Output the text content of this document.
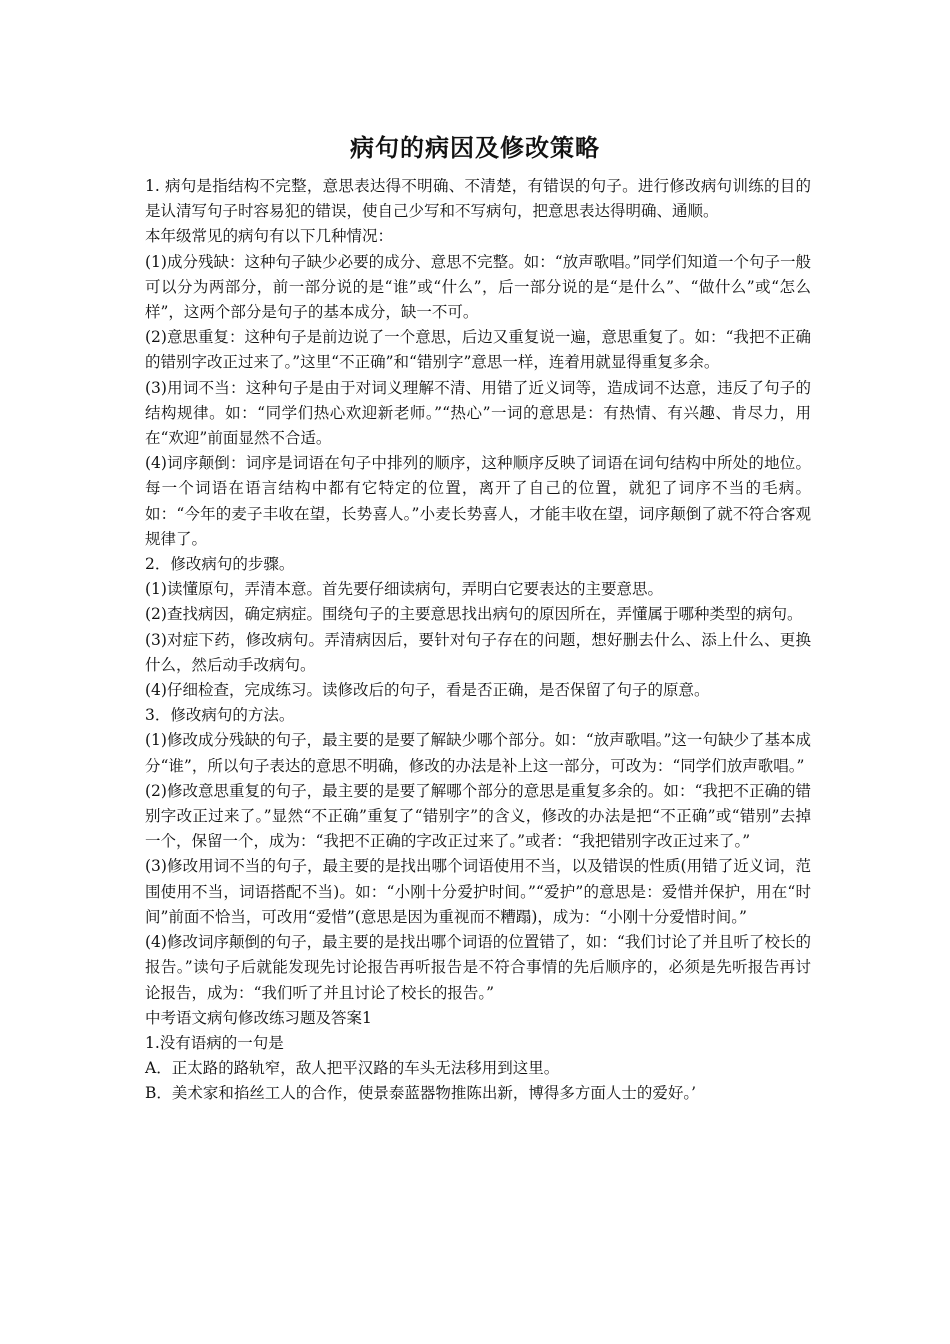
病句的病因及修改策略

1. 病句是指结构不完整，意思表达得不明确、不清楚，有错误的句子。进行修改病句训练的目的是认清写句子时容易犯的错误，使自己少写和不写病句，把意思表达得明确、通顺。

本年级常见的病句有以下几种情况：

(1)成分残缺：这种句子缺少必要的成分、意思不完整。如：“放声歌唱。”同学们知道一个句子一般可以分为两部分，前一部分说的是“谁”或“什么”，后一部分说的是“是什么”、“做什么”或“怎么样”，这两个部分是句子的基本成分，缺一不可。

(2)意思重复：这种句子是前边说了一个意思，后边又重复说一遍，意思重复了。如：“我把不正确的错别字改正过来了。”这里“不正确”和“错别字”意思一样，连着用就显得重复多余。

(3)用词不当：这种句子是由于对词义理解不清、用错了近义词等，造成词不达意，违反了句子的结构规律。如：“同学们热心欢迎新老师。”“热心”一词的意思是：有热情、有兴趣、肯尽力，用在“欢迎”前面显然不合适。

(4)词序颠倒：词序是词语在句子中排列的顺序，这种顺序反映了词语在词句结构中所处的地位。每一个词语在语言结构中都有它特定的位置，离开了自己的位置，就犯了词序不当的毛病。如：“今年的麦子丰收在望，长势喜人。”小麦长势喜人，才能丰收在望，词序颠倒了就不符合客观规律了。

2．修改病句的步骤。

(1)读懂原句，弄清本意。首先要仔细读病句，弄明白它要表达的主要意思。

(2)查找病因，确定病症。围绕句子的主要意思找出病句的原因所在，弄懂属于哪种类型的病句。

(3)对症下药，修改病句。弄清病因后，要针对句子存在的问题，想好删去什么、添上什么、更换什么，然后动手改病句。

(4)仔细检查，完成练习。读修改后的句子，看是否正确，是否保留了句子的原意。

3．修改病句的方法。

(1)修改成分残缺的句子，最主要的是要了解缺少哪个部分。如：“放声歌唱。”这一句缺少了基本成分“谁”，所以句子表达的意思不明确，修改的办法是补上这一部分，可改为：“同学们放声歌唱。”

(2)修改意思重复的句子，最主要的是要了解哪个部分的意思是重复多余的。如：“我把不正确的错别字改正过来了。”显然“不正确”重复了“错别字”的含义，修改的办法是把“不正确”或“错别”去掉一个，保留一个，成为：“我把不正确的字改正过来了。”或者：“我把错别字改正过来了。”

(3)修改用词不当的句子，最主要的是找出哪个词语使用不当，以及错误的性质(用错了近义词，范围使用不当，词语搭配不当)。如：“小刚十分爱护时间。”“爱护”的意思是：爱惜并保护，用在“时间”前面不恰当，可改用“爱惜”(意思是因为重视而不糟蹋)，成为：“小刚十分爱惜时间。”

(4)修改词序颠倒的句子，最主要的是找出哪个词语的位置错了，如：“我们讨论了并且听了校长的报告。”读句子后就能发现先讨论报告再听报告是不符合事情的先后顺序的，必须是先听报告再讨论报告，成为：“我们听了并且讨论了校长的报告。”

中考语文病句修改练习题及答案1

1.没有语病的一句是

A．正太路的路轨窄，敌人把平汉路的车头无法移用到这里。

B．美术家和掐丝工人的合作，使景泰蓝器物推陈出新，博得多方面人士的爱好。’
